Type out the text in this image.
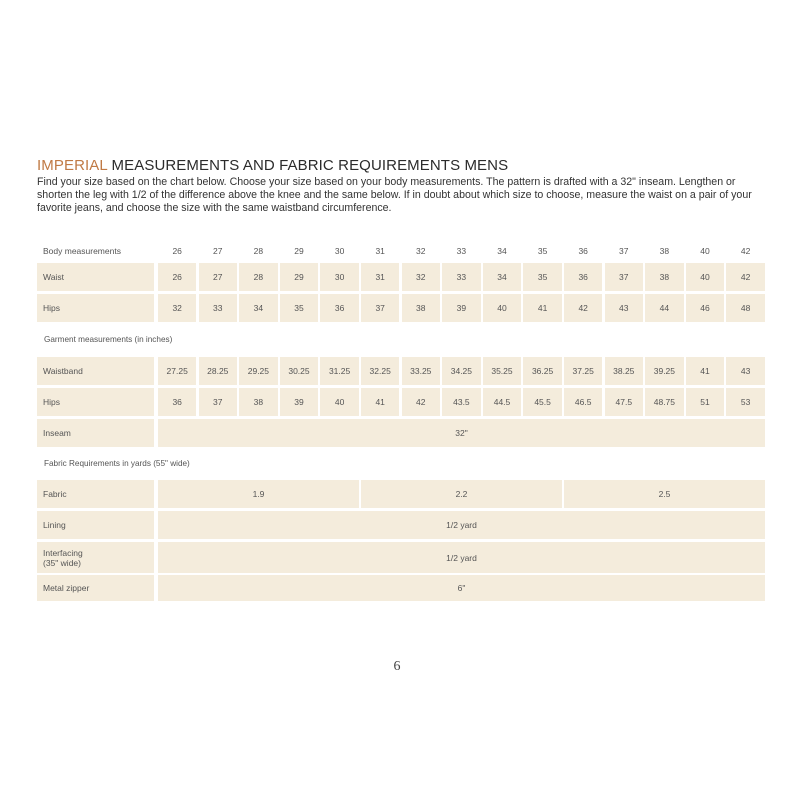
IMPERIAL MEASUREMENTS AND FABRIC REQUIREMENTS MENS

Find your size based on the chart below. Choose your size based on your body measurements. The pattern is drafted with a 32" inseam. Lengthen or shorten the leg with 1/2 of the difference above the knee and the same below. If in doubt about which size to choose, measure the waist on a pair of your favorite jeans, and choose the size with the same waistband circumference.

Body measurements	26	27	28	29	30	31	32	33	34	35	36	37	38	40	42
Waist	26	27	28	29	30	31	32	33	34	35	36	37	38	40	42
Hips	32	33	34	35	36	37	38	39	40	41	42	43	44	46	48
Garment measurements (in inches)
Waistband	27.25	28.25	29.25	30.25	31.25	32.25	33.25	34.25	35.25	36.25	37.25	38.25	39.25	41	43
Hips	36	37	38	39	40	41	42	43.5	44.5	45.5	46.5	47.5	48.75	51	53
Inseam	32"
Fabric Requirements in yards (55" wide)
Fabric	1.9	2.2	2.5
Lining	1/2 yard
Interfacing
(35" wide)	1/2 yard
Metal zipper	6"
6
